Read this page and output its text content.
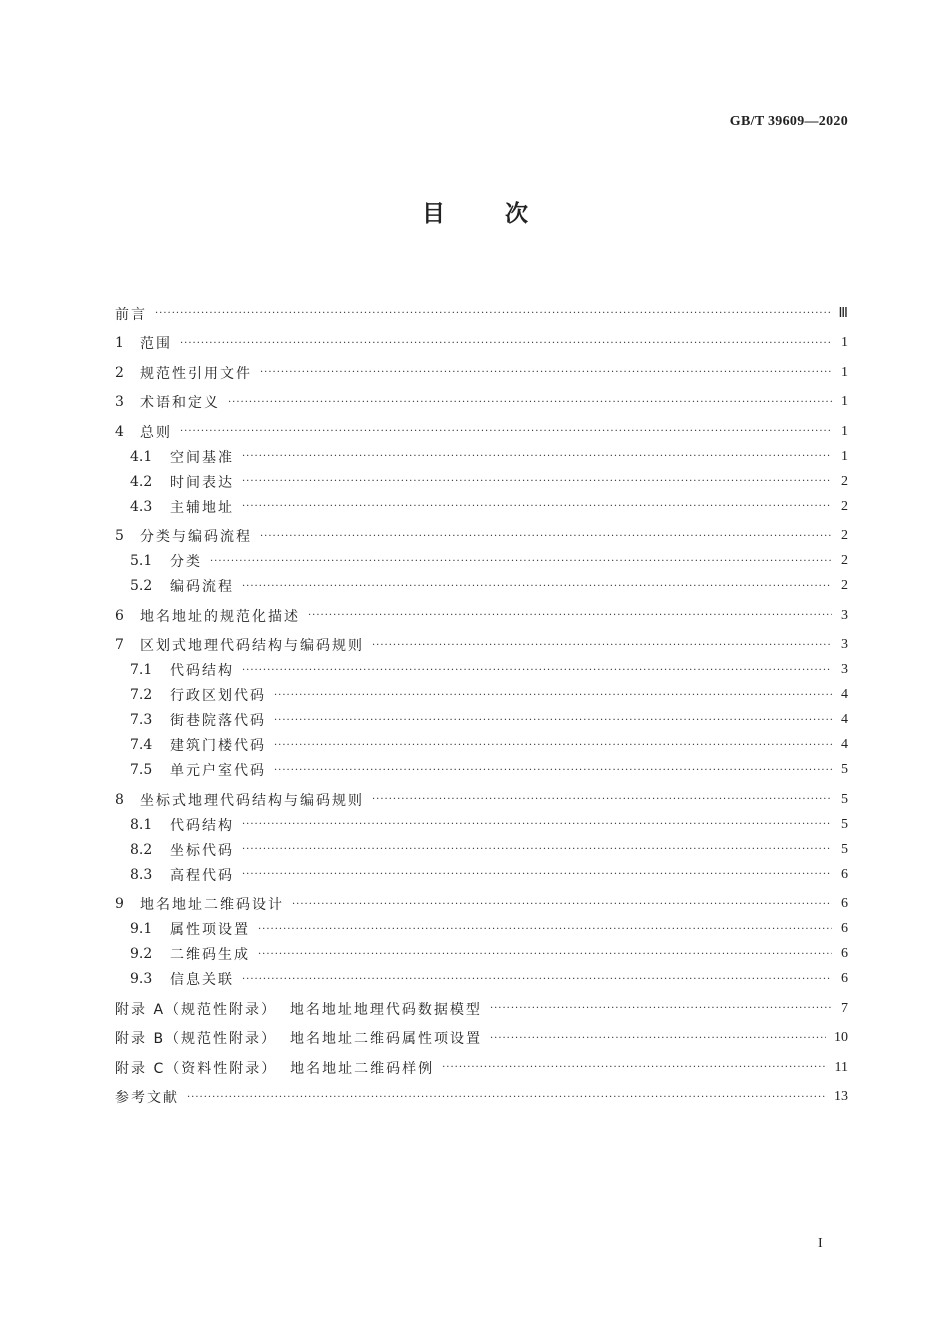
GB/T 39609—2020
目	次
前言 ·····	Ⅲ
1	范围 ·····	1
2	规范性引用文件 ·····	1
3	术语和定义 ·····	1
4	总则 ·····	1
4.1	空间基准 ·····	1
4.2	时间表达 ·····	2
4.3	主辅地址 ·····	2
5	分类与编码流程 ·····	2
5.1	分类 ·····	2
5.2	编码流程 ·····	2
6	地名地址的规范化描述 ·····	3
7	区划式地理代码结构与编码规则 ·····	3
7.1	代码结构 ·····	3
7.2	行政区划代码 ·····	4
7.3	街巷院落代码 ·····	4
7.4	建筑门楼代码 ·····	4
7.5	单元户室代码 ·····	5
8	坐标式地理代码结构与编码规则 ·····	5
8.1	代码结构 ·····	5
8.2	坐标代码 ·····	5
8.3	高程代码 ·····	6
9	地名地址二维码设计 ·····	6
9.1	属性项设置 ·····	6
9.2	二维码生成 ·····	6
9.3	信息关联 ·····	6
附录 A（规范性附录）  地名地址地理代码数据模型 ·····	7
附录 B（规范性附录）  地名地址二维码属性项设置 ·····	10
附录 C（资料性附录）  地名地址二维码样例 ·····	11
参考文献 ·····	13
I
